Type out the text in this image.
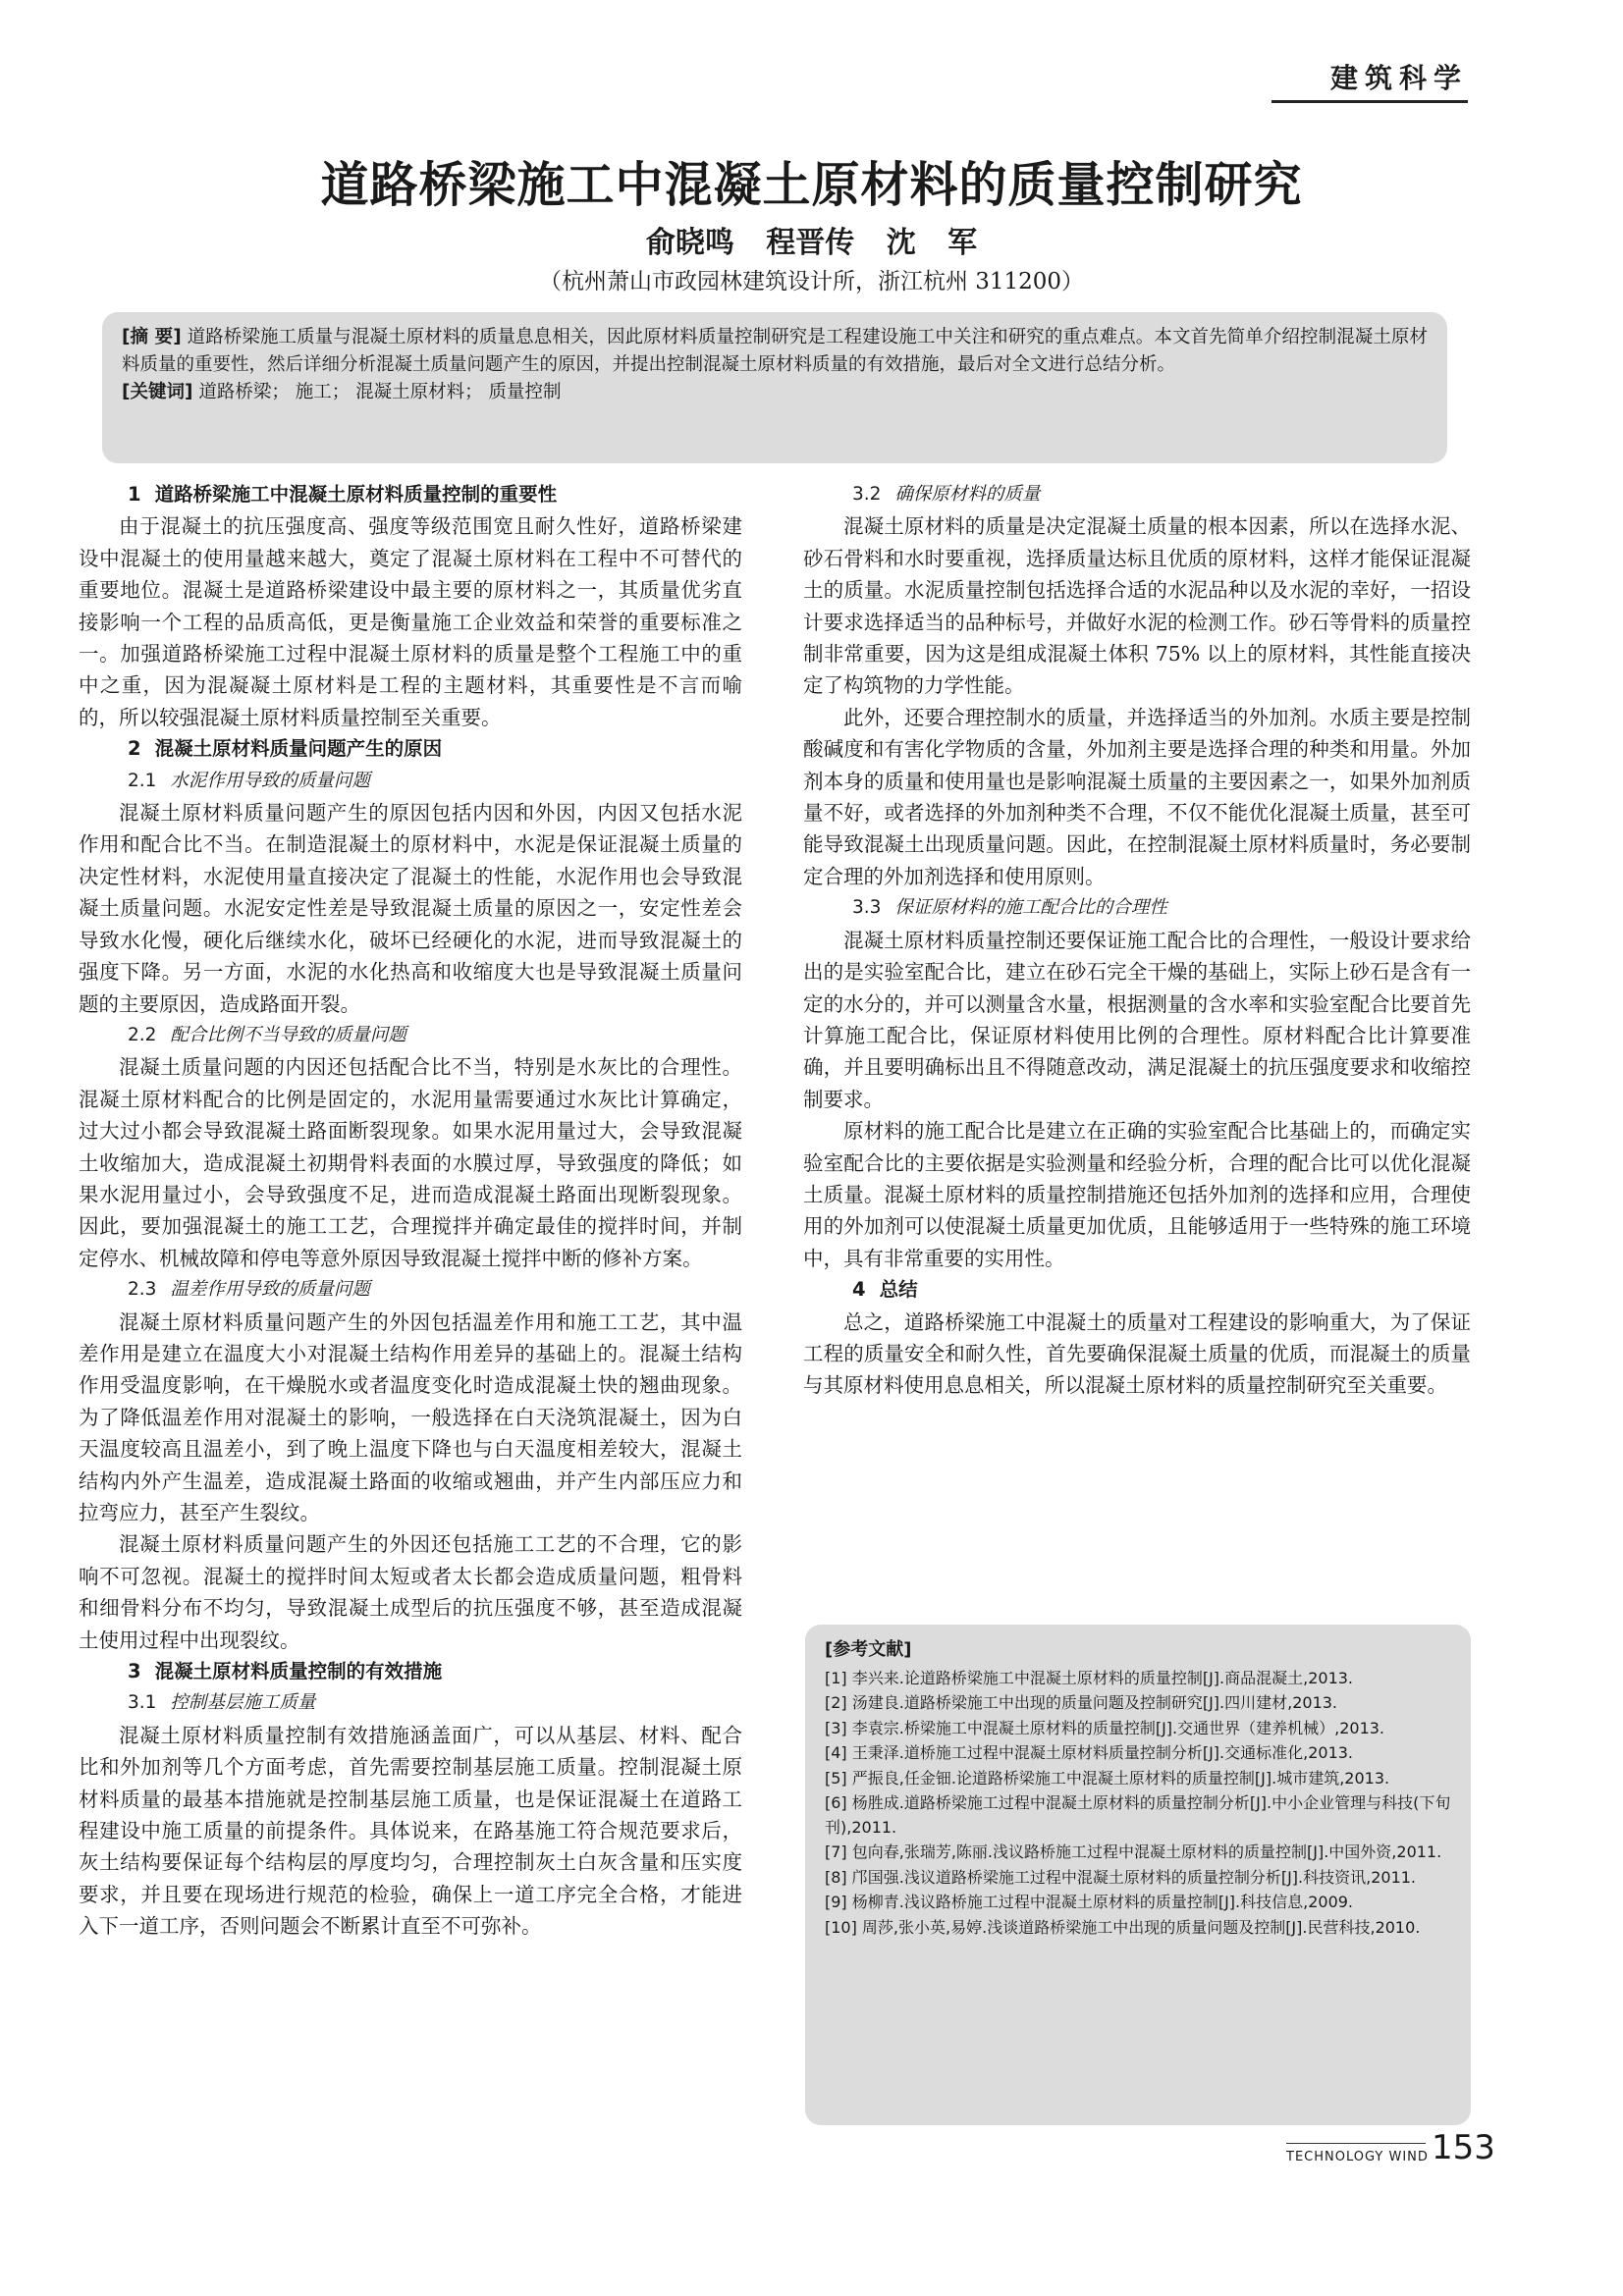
建筑科学
道路桥梁施工中混凝土原材料的质量控制研究
俞晓鸣 程晋传 沈 军
（杭州萧山市政园林建筑设计所，浙江杭州 311200）

[摘 要] 道路桥梁施工质量与混凝土原材料的质量息息相关，因此原材料质量控制研究是工程建设施工中关注和研究的重点难点。本文首先简单介绍控制混凝土原材料质量的重要性，然后详细分析混凝土质量问题产生的原因，并提出控制混凝土原材料质量的有效措施，最后对全文进行总结分析。

[关键词] 道路桥梁； 施工； 混凝土原材料； 质量控制

1 道路桥梁施工中混凝土原材料质量控制的重要性

由于混凝土的抗压强度高、强度等级范围宽且耐久性好，道路桥梁建设中混凝土的使用量越来越大，奠定了混凝土原材料在工程中不可替代的重要地位。混凝土是道路桥梁建设中最主要的原材料之一，其质量优劣直接影响一个工程的品质高低，更是衡量施工企业效益和荣誉的重要标准之一。加强道路桥梁施工过程中混凝土原材料的质量是整个工程施工中的重中之重，因为混凝凝土原材料是工程的主题材料，其重要性是不言而喻的，所以较强混凝土原材料质量控制至关重要。

2 混凝土原材料质量问题产生的原因
2.1 水泥作用导致的质量问题

混凝土原材料质量问题产生的原因包括内因和外因，内因又包括水泥作用和配合比不当。在制造混凝土的原材料中，水泥是保证混凝土质量的决定性材料，水泥使用量直接决定了混凝土的性能，水泥作用也会导致混凝土质量问题。水泥安定性差是导致混凝土质量的原因之一，安定性差会导致水化慢，硬化后继续水化，破坏已经硬化的水泥，进而导致混凝土的强度下降。另一方面，水泥的水化热高和收缩度大也是导致混凝土质量问题的主要原因，造成路面开裂。

2.2 配合比例不当导致的质量问题

混凝土质量问题的内因还包括配合比不当，特别是水灰比的合理性。混凝土原材料配合的比例是固定的，水泥用量需要通过水灰比计算确定，过大过小都会导致混凝土路面断裂现象。如果水泥用量过大，会导致混凝土收缩加大，造成混凝土初期骨料表面的水膜过厚，导致强度的降低；如果水泥用量过小，会导致强度不足，进而造成混凝土路面出现断裂现象。因此，要加强混凝土的施工工艺，合理搅拌并确定最佳的搅拌时间，并制定停水、机械故障和停电等意外原因导致混凝土搅拌中断的修补方案。

2.3 温差作用导致的质量问题

混凝土原材料质量问题产生的外因包括温差作用和施工工艺，其中温差作用是建立在温度大小对混凝土结构作用差异的基础上的。混凝土结构作用受温度影响，在干燥脱水或者温度变化时造成混凝土快的翘曲现象。为了降低温差作用对混凝土的影响，一般选择在白天浇筑混凝土，因为白天温度较高且温差小，到了晚上温度下降也与白天温度相差较大，混凝土结构内外产生温差，造成混凝土路面的收缩或翘曲，并产生内部压应力和拉弯应力，甚至产生裂纹。

混凝土原材料质量问题产生的外因还包括施工工艺的不合理，它的影响不可忽视。混凝土的搅拌时间太短或者太长都会造成质量问题，粗骨料和细骨料分布不均匀，导致混凝土成型后的抗压强度不够，甚至造成混凝土使用过程中出现裂纹。

3 混凝土原材料质量控制的有效措施
3.1 控制基层施工质量

混凝土原材料质量控制有效措施涵盖面广，可以从基层、材料、配合比和外加剂等几个方面考虑，首先需要控制基层施工质量。控制混凝土原材料质量的最基本措施就是控制基层施工质量，也是保证混凝土在道路工程建设中施工质量的前提条件。具体说来，在路基施工符合规范要求后，灰土结构要保证每个结构层的厚度均匀，合理控制灰土白灰含量和压实度要求，并且要在现场进行规范的检验，确保上一道工序完全合格，才能进入下一道工序，否则问题会不断累计直至不可弥补。

3.2 确保原材料的质量

混凝土原材料的质量是决定混凝土质量的根本因素，所以在选择水泥、砂石骨料和水时要重视，选择质量达标且优质的原材料，这样才能保证混凝土的质量。水泥质量控制包括选择合适的水泥品种以及水泥的幸好，一招设计要求选择适当的品种标号，并做好水泥的检测工作。砂石等骨料的质量控制非常重要，因为这是组成混凝土体积 75% 以上的原材料，其性能直接决定了构筑物的力学性能。

此外，还要合理控制水的质量，并选择适当的外加剂。水质主要是控制酸碱度和有害化学物质的含量，外加剂主要是选择合理的种类和用量。外加剂本身的质量和使用量也是影响混凝土质量的主要因素之一，如果外加剂质量不好，或者选择的外加剂种类不合理，不仅不能优化混凝土质量，甚至可能导致混凝土出现质量问题。因此，在控制混凝土原材料质量时，务必要制定合理的外加剂选择和使用原则。

3.3 保证原材料的施工配合比的合理性

混凝土原材料质量控制还要保证施工配合比的合理性，一般设计要求给出的是实验室配合比，建立在砂石完全干燥的基础上，实际上砂石是含有一定的水分的，并可以测量含水量，根据测量的含水率和实验室配合比要首先计算施工配合比，保证原材料使用比例的合理性。原材料配合比计算要准确，并且要明确标出且不得随意改动，满足混凝土的抗压强度要求和收缩控制要求。

原材料的施工配合比是建立在正确的实验室配合比基础上的，而确定实验室配合比的主要依据是实验测量和经验分析，合理的配合比可以优化混凝土质量。混凝土原材料的质量控制措施还包括外加剂的选择和应用，合理使用的外加剂可以使混凝土质量更加优质，且能够适用于一些特殊的施工环境中，具有非常重要的实用性。

4 总结

总之，道路桥梁施工中混凝土的质量对工程建设的影响重大，为了保证工程的质量安全和耐久性，首先要确保混凝土质量的优质，而混凝土的质量与其原材料使用息息相关，所以混凝土原材料的质量控制研究至关重要。

[参考文献]
[1] 李兴来.论道路桥梁施工中混凝土原材料的质量控制[J].商品混凝土,2013.
[2] 汤建良.道路桥梁施工中出现的质量问题及控制研究[J].四川建材,2013.
[3] 李袁宗.桥梁施工中混凝土原材料的质量控制[J].交通世界（建养机械）,2013.
[4] 王秉泽.道桥施工过程中混凝土原材料质量控制分析[J].交通标准化,2013.
[5] 严振良,任金钿.论道路桥梁施工中混凝土原材料的质量控制[J].城市建筑,2013.
[6] 杨胜成.道路桥梁施工过程中混凝土原材料的质量控制分析[J].中小企业管理与科技(下旬刊),2011.
[7] 包向春,张瑞芳,陈丽.浅议路桥施工过程中混凝土原材料的质量控制[J].中国外资,2011.
[8] 邝国强.浅议道路桥梁施工过程中混凝土原材料的质量控制分析[J].科技资讯,2011.
[9] 杨柳青.浅议路桥施工过程中混凝土原材料的质量控制[J].科技信息,2009.
[10] 周莎,张小英,易婷.浅谈道路桥梁施工中出现的质量问题及控制[J].民营科技,2010.
TECHNOLOGY WIND 153
